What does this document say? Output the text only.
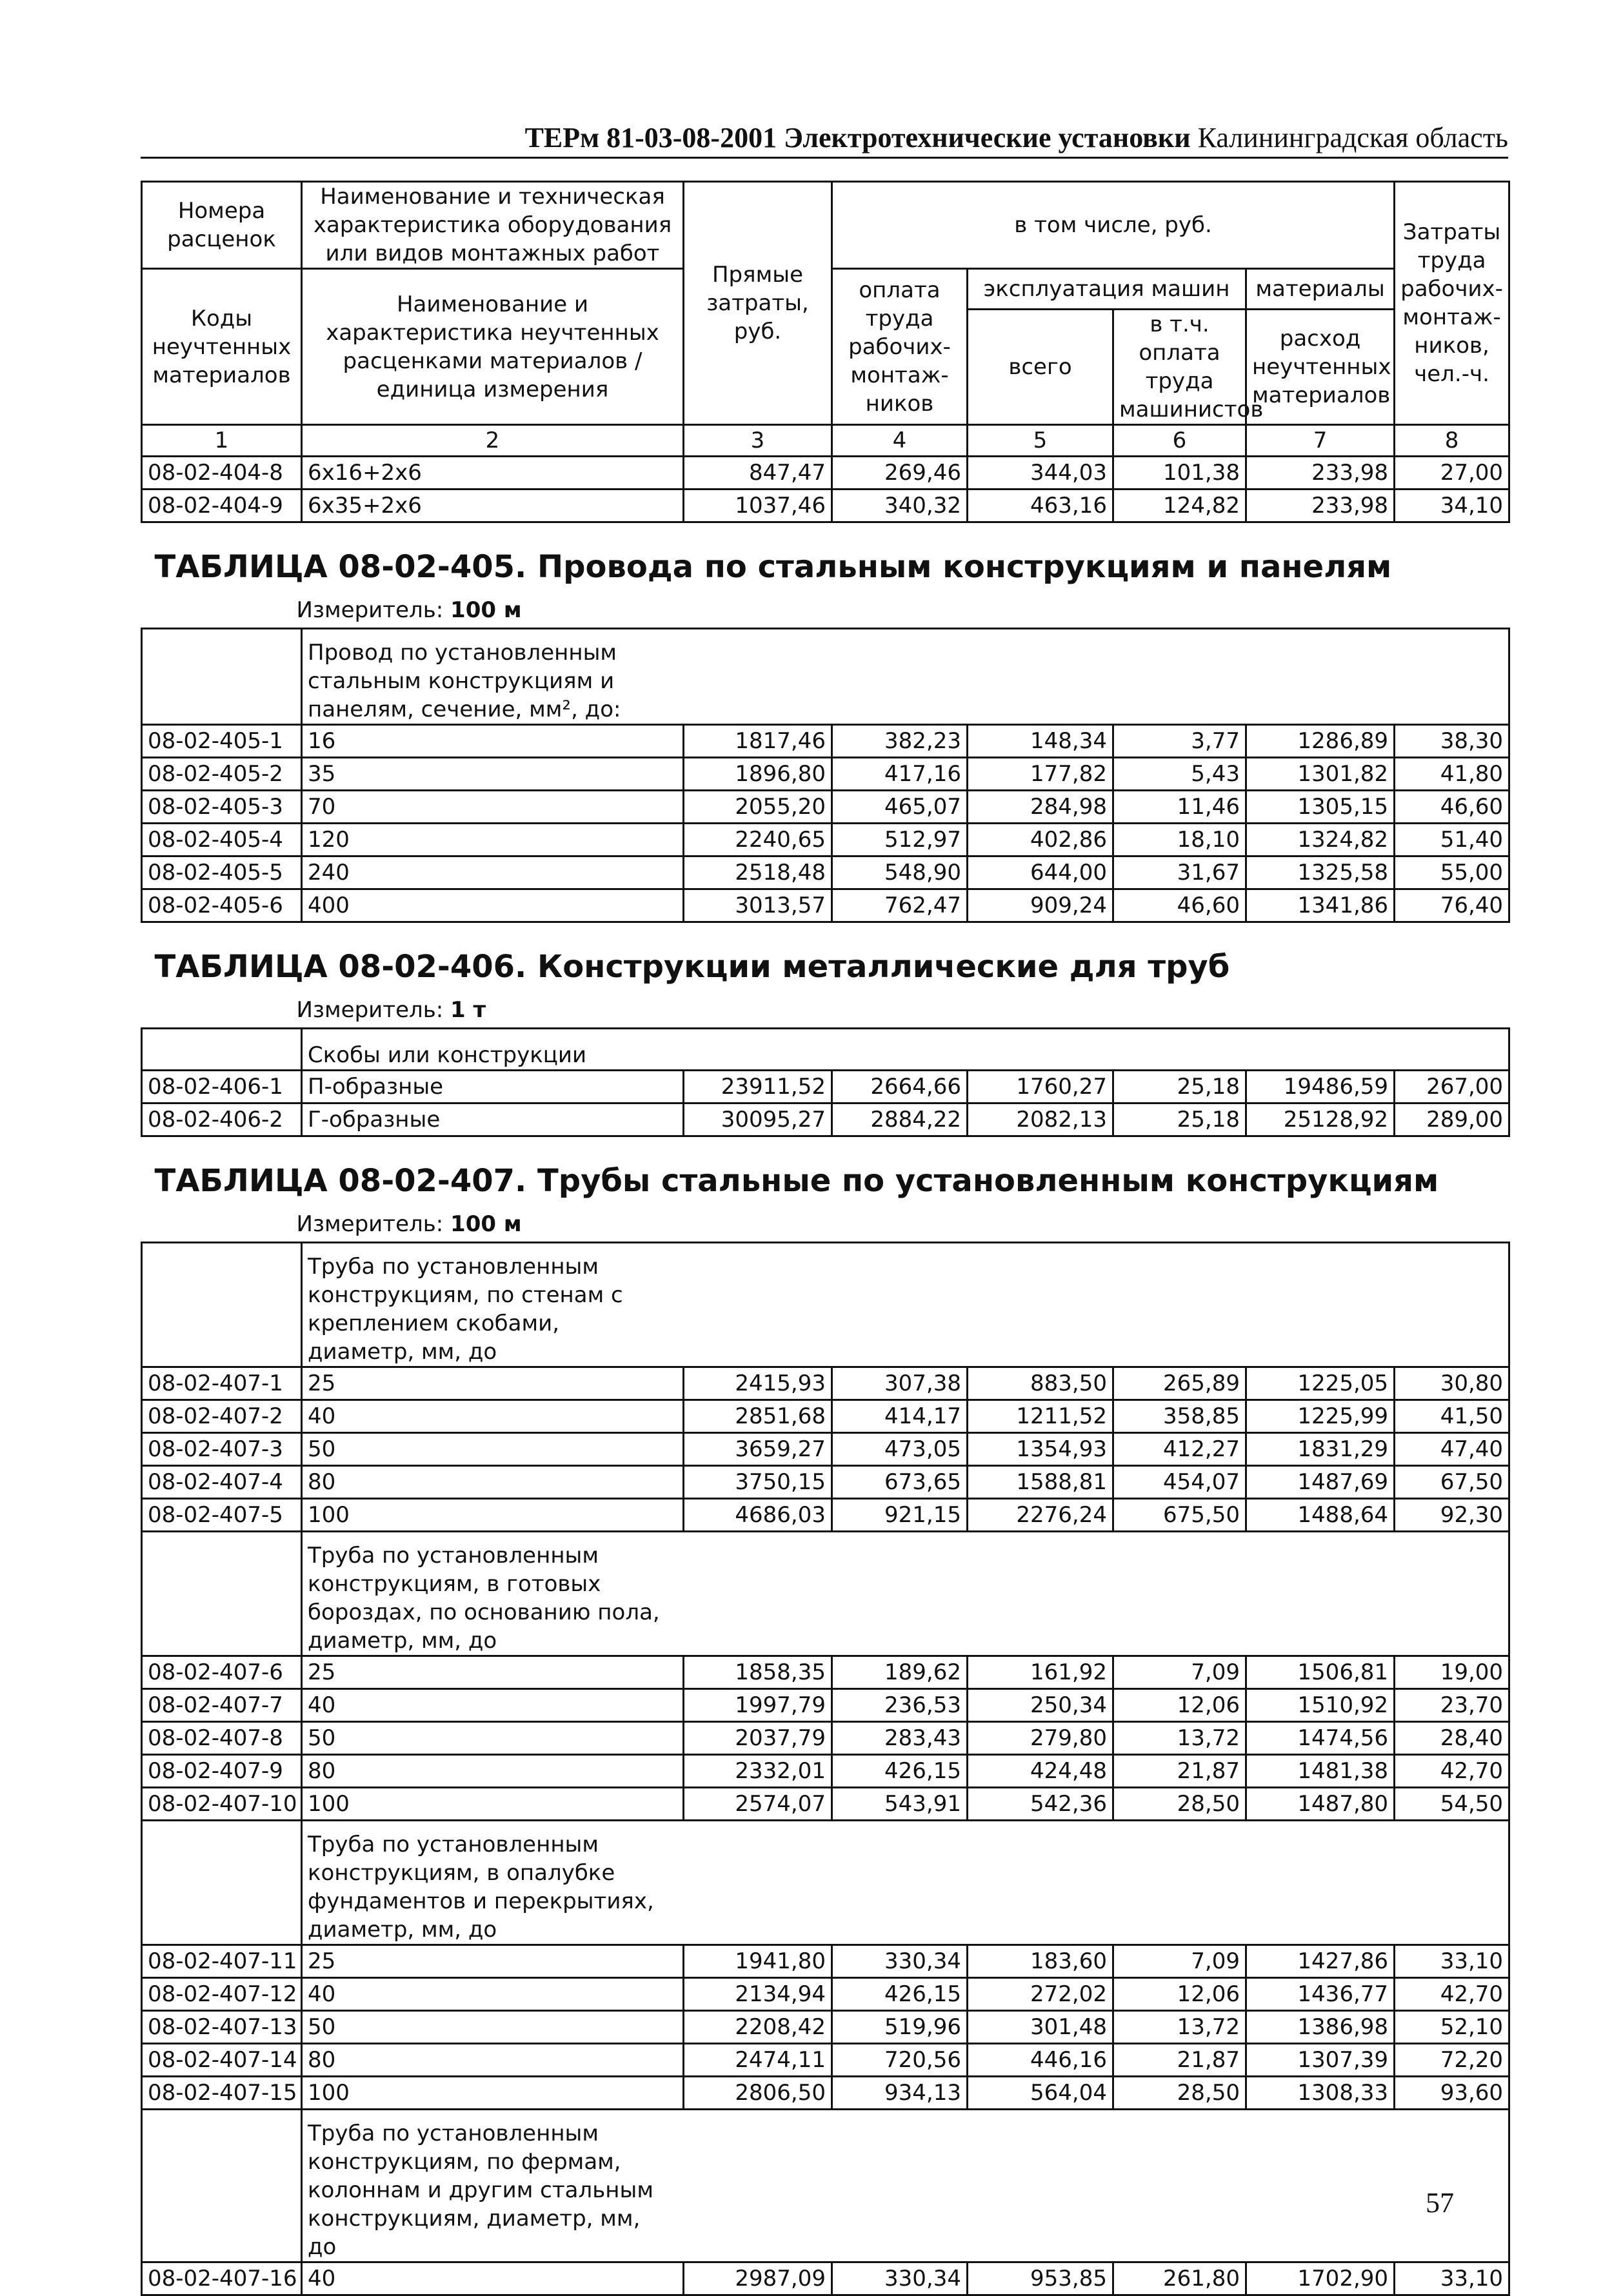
ТЕРм 81-03-08-2001 Электротехнические установки Калининградская область
Номера расценок	Наименование и техническая характеристика оборудования или видов монтажных работ	Прямые затраты, руб.	в том числе, руб.				Затраты труда рабочих-монтаж-ников, чел.-ч.
Коды неучтенных материалов	Наименование и характеристика неучтенных расценками материалов / единица измерения		оплата труда рабочих-монтаж-ников	эксплуатация машин		материалы	
				всего	в т.ч. оплата труда машинистов	расход неучтенных материалов	
1	2	3	4	5	6	7	8
08-02-404-8	6x16+2x6	847,47	269,46	344,03	101,38	233,98	27,00
08-02-404-9	6x35+2x6	1037,46	340,32	463,16	124,82	233,98	34,10

ТАБЛИЦА 08-02-405. Провода по стальным конструкциям и панелям							
Измеритель: 100 м							

	Провод по установленным стальным конструкциям и панелям, сечение, мм², до:						

08-02-405-1	16	1817,46	382,23	148,34	3,77	1286,89	38,30
08-02-405-2	35	1896,80	417,16	177,82	5,43	1301,82	41,80
08-02-405-3	70	2055,20	465,07	284,98	11,46	1305,15	46,60
08-02-405-4	120	2240,65	512,97	402,86	18,10	1324,82	51,40
08-02-405-5	240	2518,48	548,90	644,00	31,67	1325,58	55,00
08-02-405-6	400	3013,57	762,47	909,24	46,60	1341,86	76,40

ТАБЛИЦА 08-02-406. Конструкции металлические для труб							
Измеритель: 1 т							

	Скобы или конструкции						

08-02-406-1	П-образные	23911,52	2664,66	1760,27	25,18	19486,59	267,00
08-02-406-2	Г-образные	30095,27	2884,22	2082,13	25,18	25128,92	289,00

ТАБЛИЦА 08-02-407. Трубы стальные по установленным конструкциям							
Измеритель: 100 м							

	Труба по установленным конструкциям, по стенам с креплением скобами, диаметр, мм, до						

08-02-407-1	25	2415,93	307,38	883,50	265,89	1225,05	30,80
08-02-407-2	40	2851,68	414,17	1211,52	358,85	1225,99	41,50
08-02-407-3	50	3659,27	473,05	1354,93	412,27	1831,29	47,40
08-02-407-4	80	3750,15	673,65	1588,81	454,07	1487,69	67,50
08-02-407-5	100	4686,03	921,15	2276,24	675,50	1488,64	92,30

	Труба по установленным конструкциям, в готовых бороздах, по основанию пола, диаметр, мм, до						

08-02-407-6	25	1858,35	189,62	161,92	7,09	1506,81	19,00
08-02-407-7	40	1997,79	236,53	250,34	12,06	1510,92	23,70
08-02-407-8	50	2037,79	283,43	279,80	13,72	1474,56	28,40
08-02-407-9	80	2332,01	426,15	424,48	21,87	1481,38	42,70
08-02-407-10	100	2574,07	543,91	542,36	28,50	1487,80	54,50

	Труба по установленным конструкциям, в опалубке фундаментов и перекрытиях, диаметр, мм, до						

08-02-407-11	25	1941,80	330,34	183,60	7,09	1427,86	33,10
08-02-407-12	40	2134,94	426,15	272,02	12,06	1436,77	42,70
08-02-407-13	50	2208,42	519,96	301,48	13,72	1386,98	52,10
08-02-407-14	80	2474,11	720,56	446,16	21,87	1307,39	72,20
08-02-407-15	100	2806,50	934,13	564,04	28,50	1308,33	93,60

	Труба по установленным конструкциям, по фермам, колоннам и другим стальным конструкциям, диаметр, мм, до						

08-02-407-16	40	2987,09	330,34	953,85	261,80	1702,90	33,10
57
